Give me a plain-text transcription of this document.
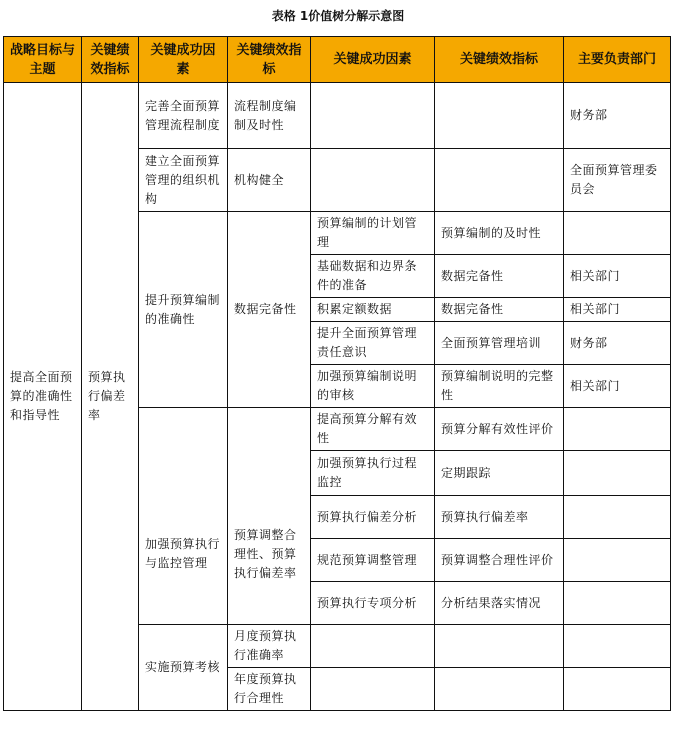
表格 1价值树分解示意图
战略目标与主题	关键绩效指标	关键成功因素	关键绩效指标	关键成功因素	关键绩效指标	主要负责部门
提高全面预算的准确性和指导性	预算执行偏差率	完善全面预算管理流程制度	流程制度编制及时性			财务部
		建立全面预算管理的组织机构	机构健全			全面预算管理委员会
		提升预算编制的准确性	数据完备性	预算编制的计划管理	预算编制的及时性	
				基础数据和边界条件的准备	数据完备性	相关部门
				积累定额数据	数据完备性	相关部门
				提升全面预算管理责任意识	全面预算管理培训	财务部
				加强预算编制说明的审核	预算编制说明的完整性	相关部门
		加强预算执行与监控管理	预算调整合理性、预算执行偏差率	提高预算分解有效性	预算分解有效性评价	
				加强预算执行过程监控	定期跟踪	
				预算执行偏差分析	预算执行偏差率	
				规范预算调整管理	预算调整合理性评价	
				预算执行专项分析	分析结果落实情况	
		实施预算考核	月度预算执行准确率			
			年度预算执行合理性			
